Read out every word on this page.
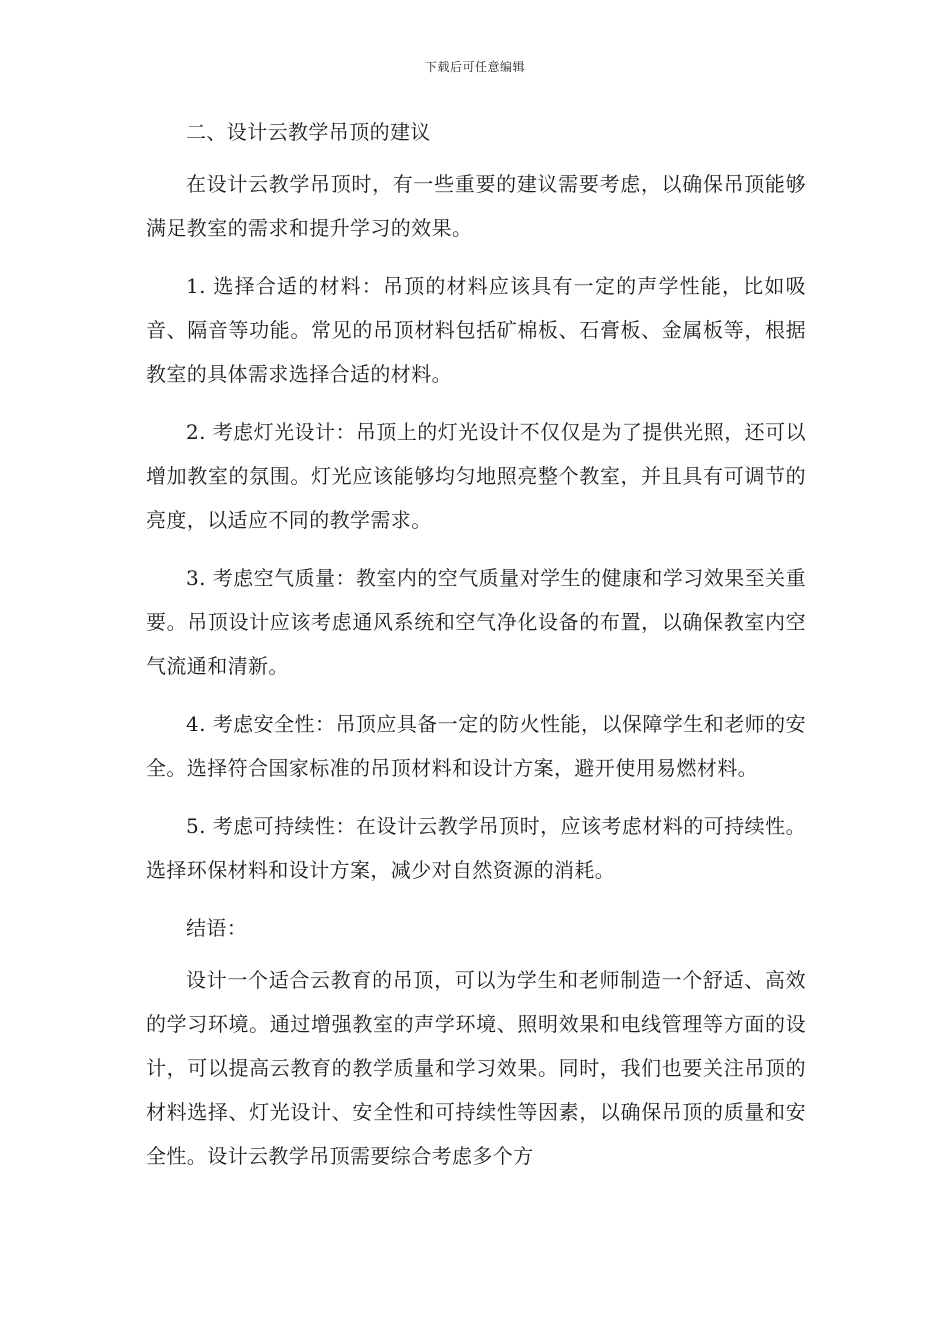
下载后可任意编辑

二、设计云教学吊顶的建议

在设计云教学吊顶时，有一些重要的建议需要考虑，以确保吊顶能够满足教室的需求和提升学习的效果。

1. 选择合适的材料：吊顶的材料应该具有一定的声学性能，比如吸音、隔音等功能。常见的吊顶材料包括矿棉板、石膏板、金属板等，根据教室的具体需求选择合适的材料。

2. 考虑灯光设计：吊顶上的灯光设计不仅仅是为了提供光照，还可以增加教室的氛围。灯光应该能够均匀地照亮整个教室，并且具有可调节的亮度，以适应不同的教学需求。

3. 考虑空气质量：教室内的空气质量对学生的健康和学习效果至关重要。吊顶设计应该考虑通风系统和空气净化设备的布置，以确保教室内空气流通和清新。

4. 考虑安全性：吊顶应具备一定的防火性能，以保障学生和老师的安全。选择符合国家标准的吊顶材料和设计方案，避开使用易燃材料。

5. 考虑可持续性：在设计云教学吊顶时，应该考虑材料的可持续性。选择环保材料和设计方案，减少对自然资源的消耗。

结语：

设计一个适合云教育的吊顶，可以为学生和老师制造一个舒适、高效的学习环境。通过增强教室的声学环境、照明效果和电线管理等方面的设计，可以提高云教育的教学质量和学习效果。同时，我们也要关注吊顶的材料选择、灯光设计、安全性和可持续性等因素，以确保吊顶的质量和安全性。设计云教学吊顶需要综合考虑多个方
